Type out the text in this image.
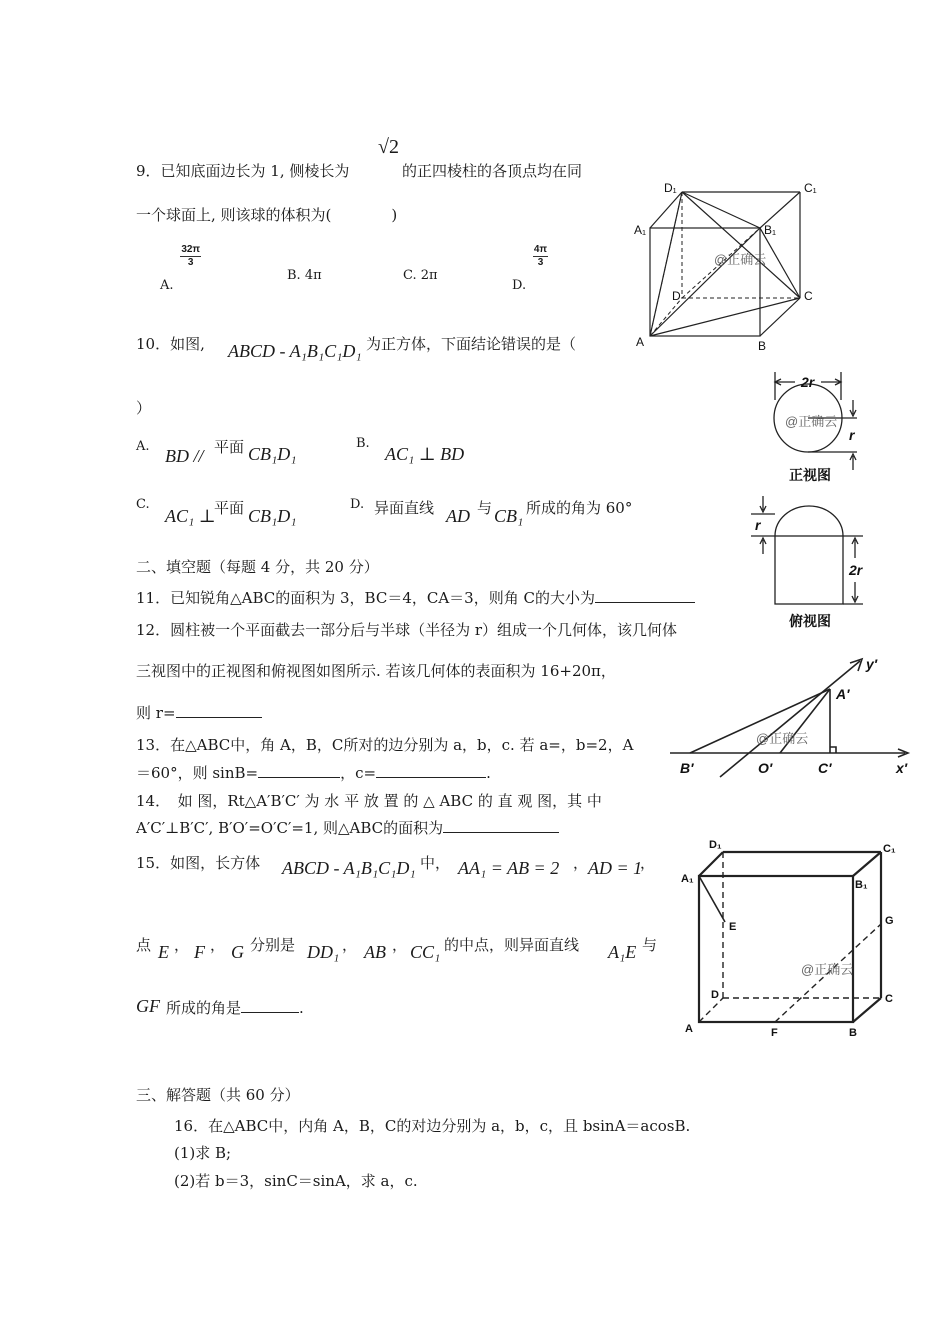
9．已知底面边长为 1, 侧棱长为
√2
的正四棱柱的各顶点均在同
一个球面上, 则该球的体积为(　　　　)
A.
$\frac{32\pi}{3}$
B. 4π	C. 2π
D.
$\frac{4\pi}{3}$
10．如图, ABCD - A₁B₁C₁D₁ 为正方体，下面结论错误的是（
）
A. BD // 平面 CB₁D₁
B.
AC₁ ⊥ BD
C.
AC₁ ⊥
平面 CB₁D₁
D. 异面直线 AD 与 CB₁ 所成的角为 60°
二、填空题（每题 4 分，共 20 分）
11．已知锐角△ABC的面积为 3，BC＝4，CA＝3，则角 C的大小为
12．圆柱被一个平面截去一部分后与半球（半径为 r）组成一个几何体，该几何体
三视图中的正视图和俯视图如图所示. 若该几何体的表面积为 16+20π，
则 r=
13．在△ABC中，角 A，B，C所对的边分别为 a，b，c. 若 a=，b=2，A
＝60°，则 sinB=	，c=	.
14．　如 图，Rt△A′B′C′ 为 水 平 放 置 的 △ ABC 的 直 观 图，其 中
A′C′⊥B′C′, B′O′=O′C′=1, 则△ABC的面积为
15．如图，长方体 ABCD - A₁B₁C₁D₁ 中， AA₁ = AB = 2 ， AD = 1
，
点 E ， F ， G 分别是 DD₁ ， AB ， CC₁ 的中点，则异面直线 A₁E 与
GF 所成的角是	.
三、解答题（共 60 分）
16．在△ABC中，内角 A，B，C的对边分别为 a，b，c，且 bsinA＝acosB.
(1)求 B;
(2)若 b＝3，sinC＝sinA，求 a，c.
D₁	C₁
A₁	B₁
D	C
A	B
@正确云
2r
r
正视图
r
2r
俯视图
@正确云
y′
A′
B′	O′	C′	x′
@正确云
D₁	C₁
A₁	B₁
E	G
D	C
A	F	B
@正确云
